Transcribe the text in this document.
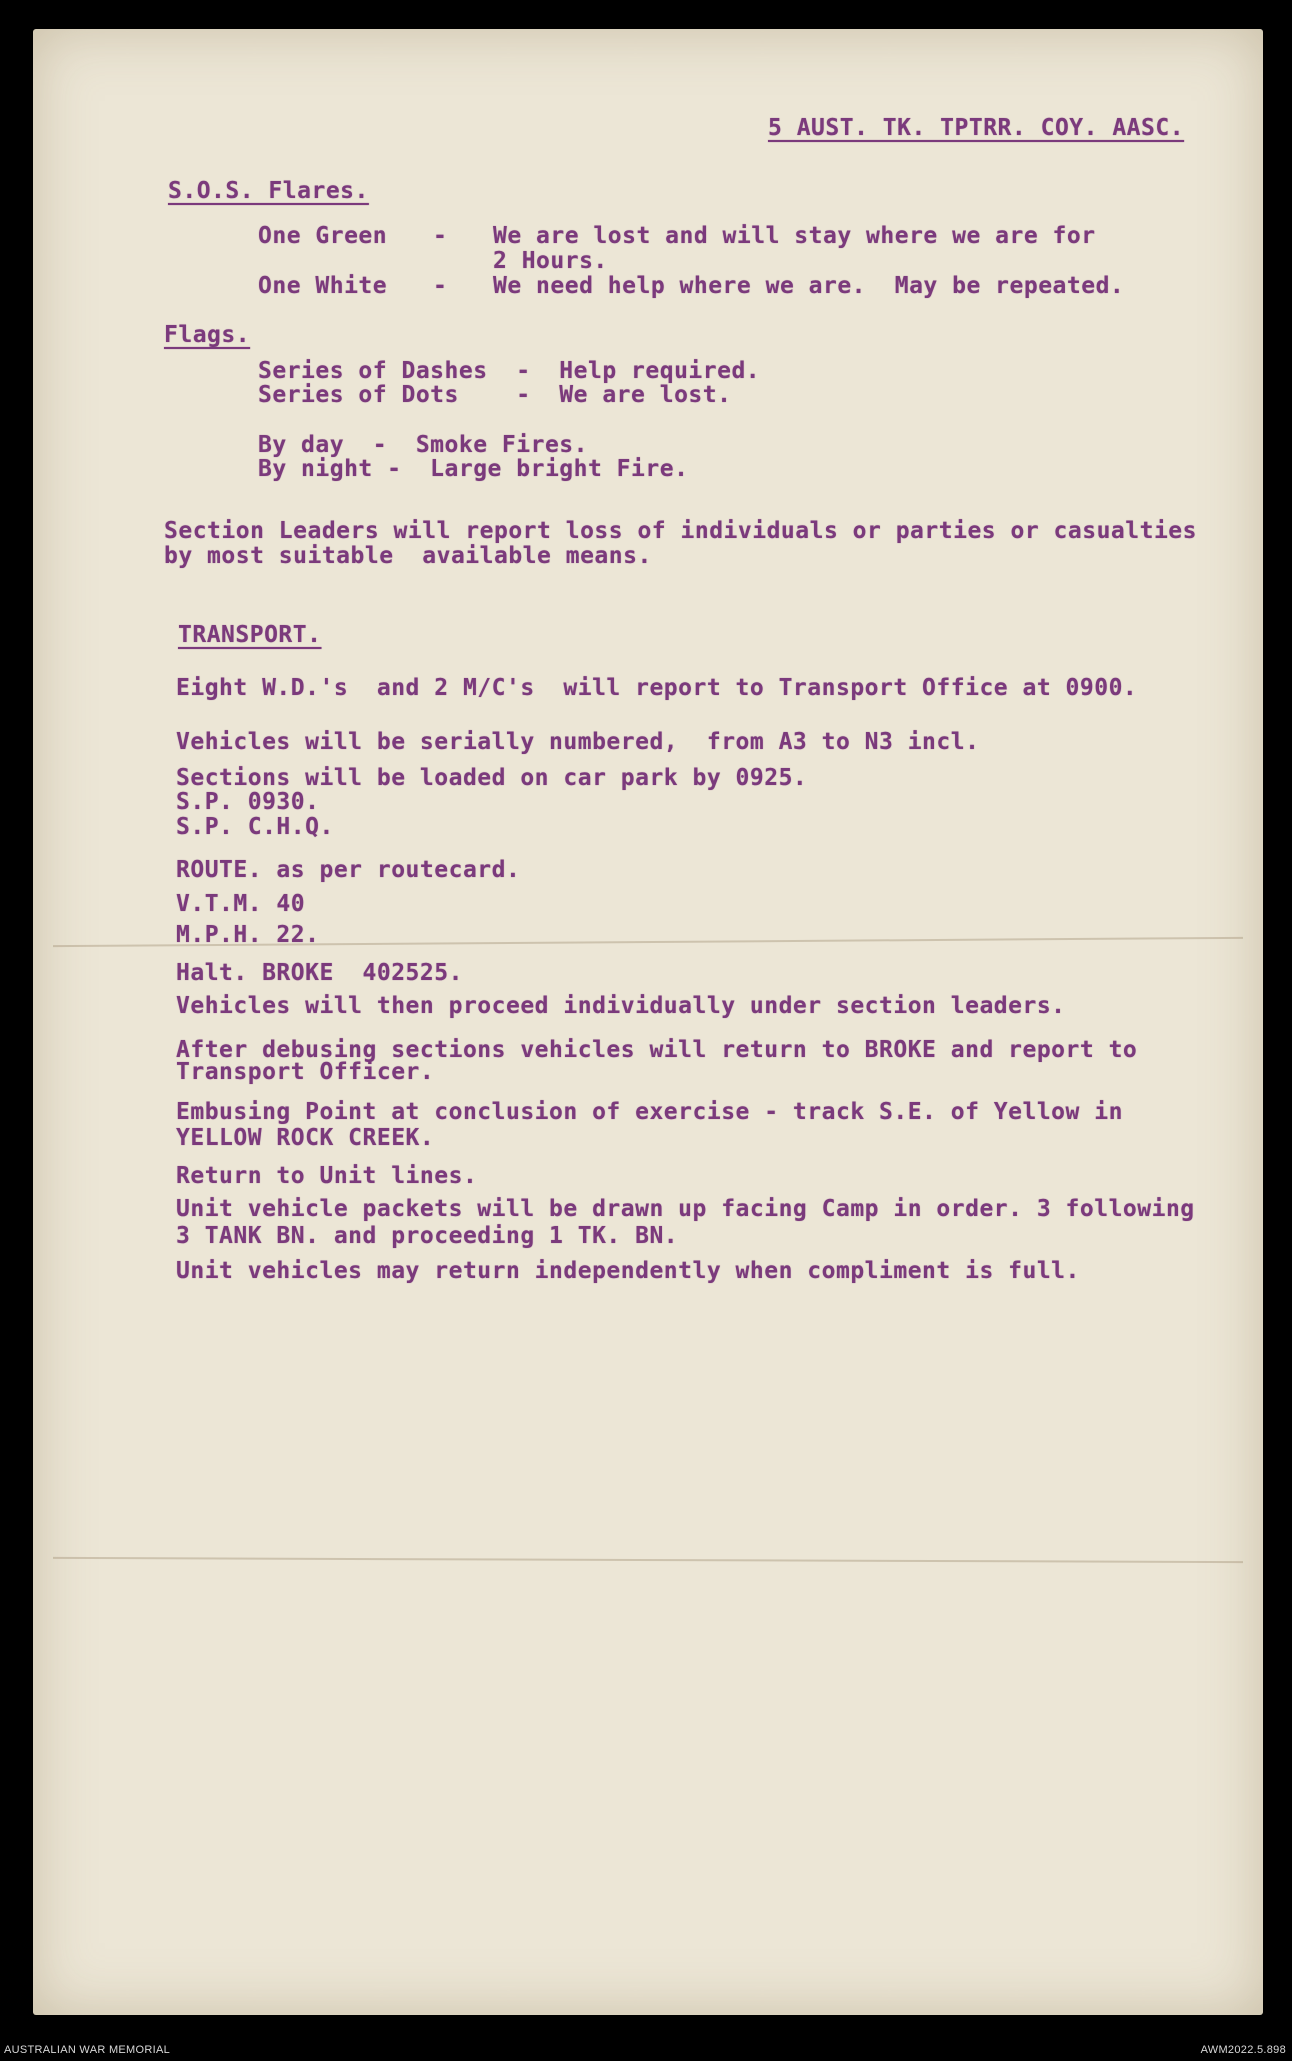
5 AUST. TK. TPTRR. COY. AASC.
S.O.S. Flares.
One Green - We are lost and will stay where we are for
2 Hours.
One White - We need help where we are.  May be repeated.
Flags.
Series of Dashes  -  Help required.
Series of Dots    -  We are lost.
By day  -  Smoke Fires.
By night -  Large bright Fire.
Section Leaders will report loss of individuals or parties or casualties
by most suitable  available means.
TRANSPORT.
Eight W.D.'s  and 2 M/C's  will report to Transport Office at 0900.
Vehicles will be serially numbered,  from A3 to N3 incl.
Sections will be loaded on car park by 0925.
S.P. 0930.
S.P. C.H.Q.
ROUTE. as per routecard.
V.T.M. 40
M.P.H. 22.
Halt. BROKE  402525.
Vehicles will then proceed individually under section leaders.
After debusing sections vehicles will return to BROKE and report to
Transport Officer.
Embusing Point at conclusion of exercise - track S.E. of Yellow in
YELLOW ROCK CREEK.
Return to Unit lines.
Unit vehicle packets will be drawn up facing Camp in order. 3 following
3 TANK BN. and proceeding 1 TK. BN.
Unit vehicles may return independently when compliment is full.
AUSTRALIAN WAR MEMORIAL	AWM2022.5.898
